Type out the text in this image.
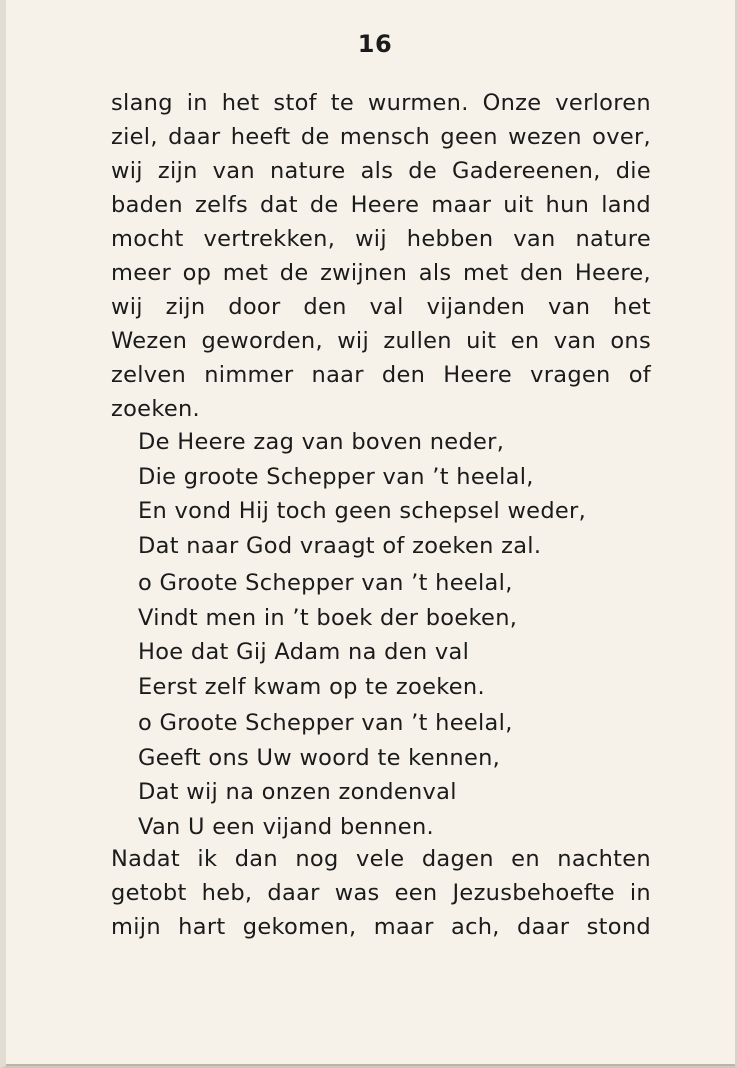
16
slang in het stof te wurmen. Onze verloren
ziel, daar heeft de mensch geen wezen over,
wij zijn van nature als de Gadereenen, die
baden zelfs dat de Heere maar uit hun land
mocht vertrekken, wij hebben van nature
meer op met de zwijnen als met den Heere,
wij zijn door den val vijanden van het
Wezen geworden, wij zullen uit en van ons
zelven nimmer naar den Heere vragen of
zoeken.
De Heere zag van boven neder,
Die groote Schepper van ’t heelal,
En vond Hij toch geen schepsel weder,
Dat naar God vraagt of zoeken zal.
o Groote Schepper van ’t heelal,
Vindt men in ’t boek der boeken,
Hoe dat Gij Adam na den val
Eerst zelf kwam op te zoeken.
o Groote Schepper van ’t heelal,
Geeft ons Uw woord te kennen,
Dat wij na onzen zondenval
Van U een vijand bennen.
Nadat ik dan nog vele dagen en nachten
getobt heb, daar was een Jezusbehoefte in
mijn hart gekomen, maar ach, daar stond
